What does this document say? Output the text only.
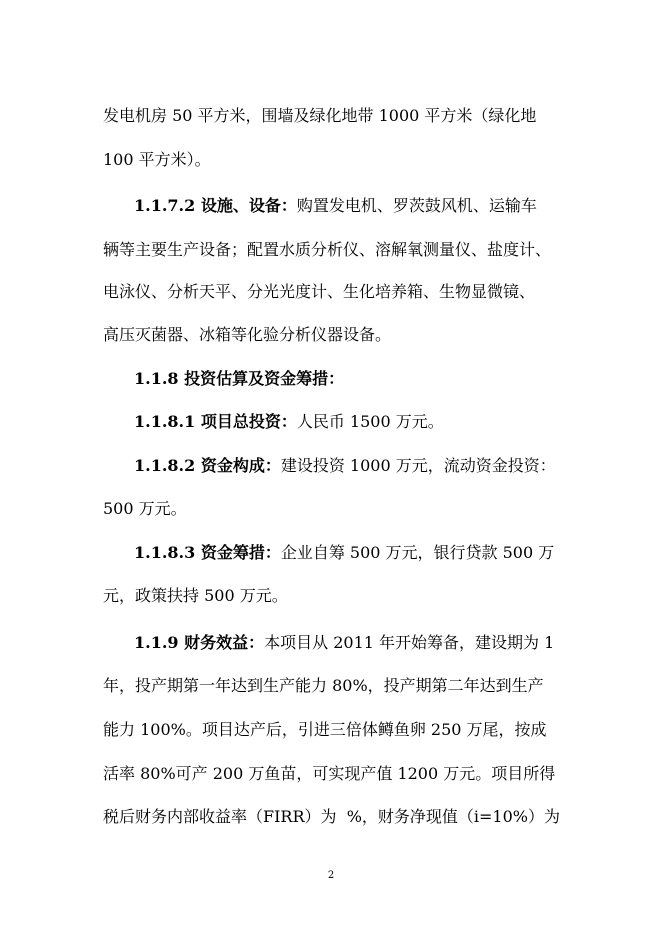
发电机房 50 平方米，围墙及绿化地带 1000 平方米（绿化地
100 平方米）。
1.1.7.2 设施、设备：购置发电机、罗茨鼓风机、运输车
辆等主要生产设备；配置水质分析仪、溶解氧测量仪、盐度计、
电泳仪、分析天平、分光光度计、生化培养箱、生物显微镜、
高压灭菌器、冰箱等化验分析仪器设备。
1.1.8 投资估算及资金筹措：
1.1.8.1 项目总投资：人民币 1500 万元。
1.1.8.2 资金构成：建设投资 1000 万元，流动资金投资：
500 万元。
1.1.8.3 资金筹措：企业自筹 500 万元，银行贷款 500 万
元，政策扶持 500 万元。
1.1.9 财务效益：本项目从 2011 年开始筹备，建设期为 1
年，投产期第一年达到生产能力 80%，投产期第二年达到生产
能力 100%。项目达产后，引进三倍体鳟鱼卵 250 万尾，按成
活率 80%可产 200 万鱼苗，可实现产值 1200 万元。项目所得
税后财务内部收益率（FIRR）为  %，财务净现值（i=10%）为
2
